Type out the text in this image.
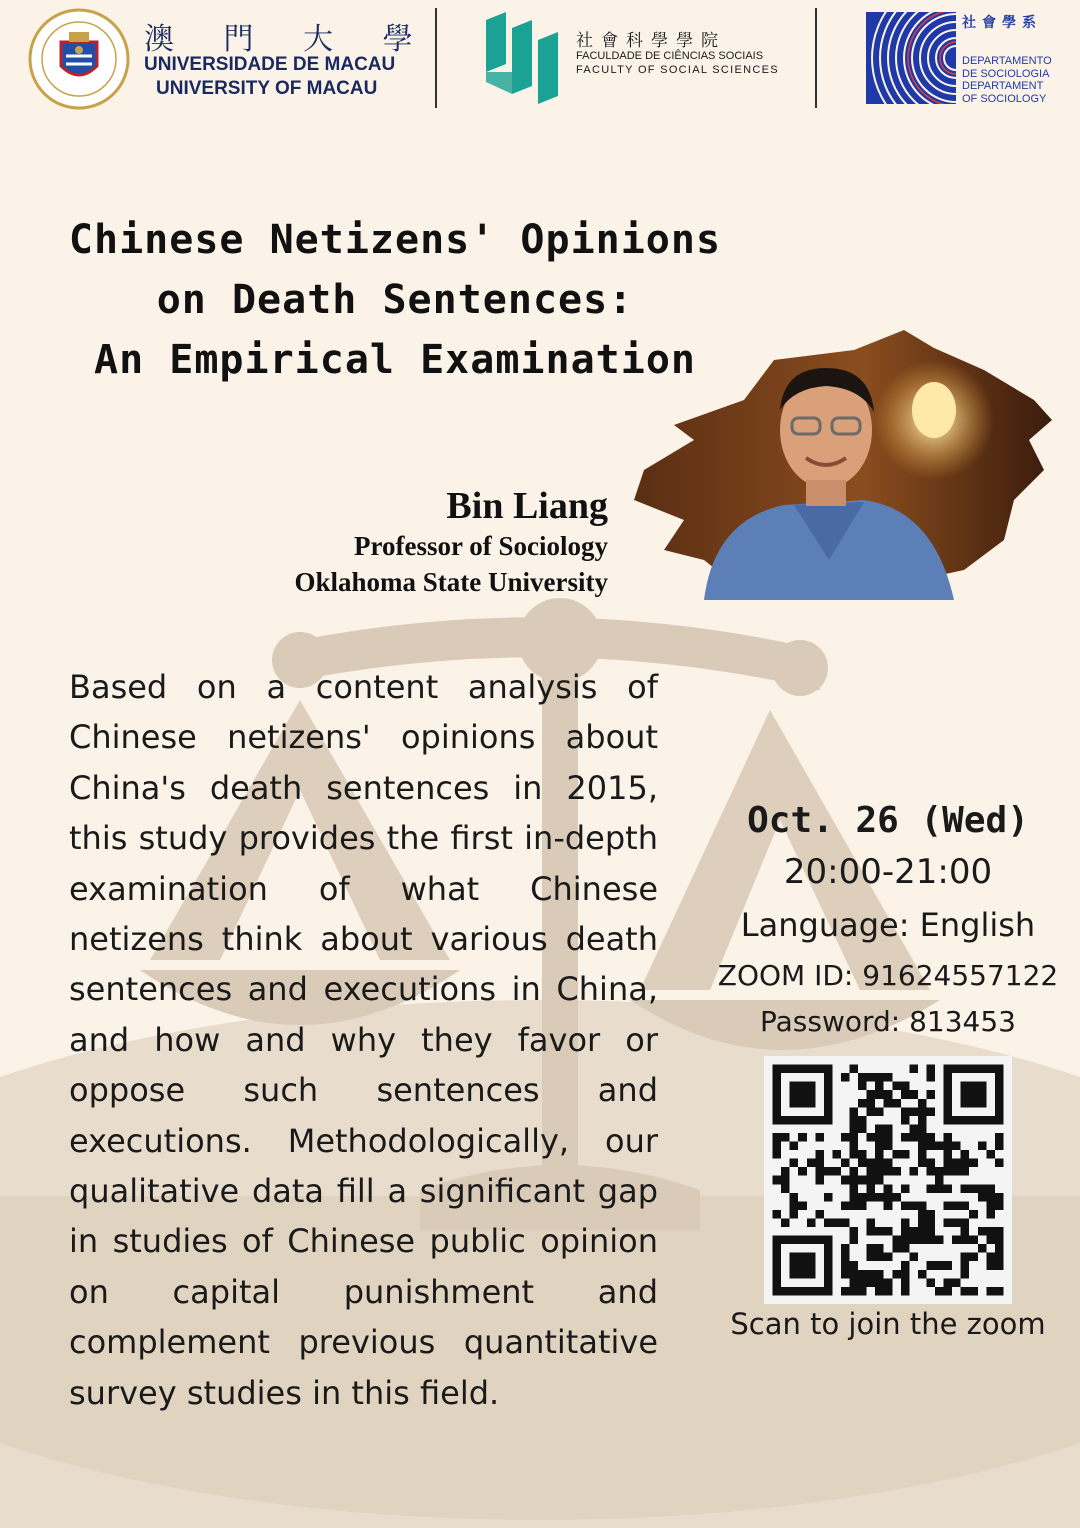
澳 門 大 學
UNIVERSIDADE DE MACAU
UNIVERSITY OF MACAU
社會科學學院
FACULDADE DE CIÊNCIAS SOCIAIS
FACULTY OF SOCIAL SCIENCES
社會學系
DEPARTAMENTO
DE SOCIOLOGIA
DEPARTAMENT
OF SOCIOLOGY
Chinese Netizens' Opinions
on Death Sentences:
An Empirical Examination
Bin Liang
Professor of Sociology
Oklahoma State University
Based on a content analysis of Chinese netizens' opinions about China's death sentences in 2015, this study provides the first in-depth examination of what Chinese netizens think about various death sentences and executions in China, and how and why they favor or oppose such sentences and executions. Methodologically, our qualitative data fill a significant gap in studies of Chinese public opinion on capital punishment and complement previous quantitative survey studies in this field.
Oct. 26 (Wed)
20:00-21:00
Language: English
ZOOM ID: 91624557122
Password: 813453
Scan to join the zoom
